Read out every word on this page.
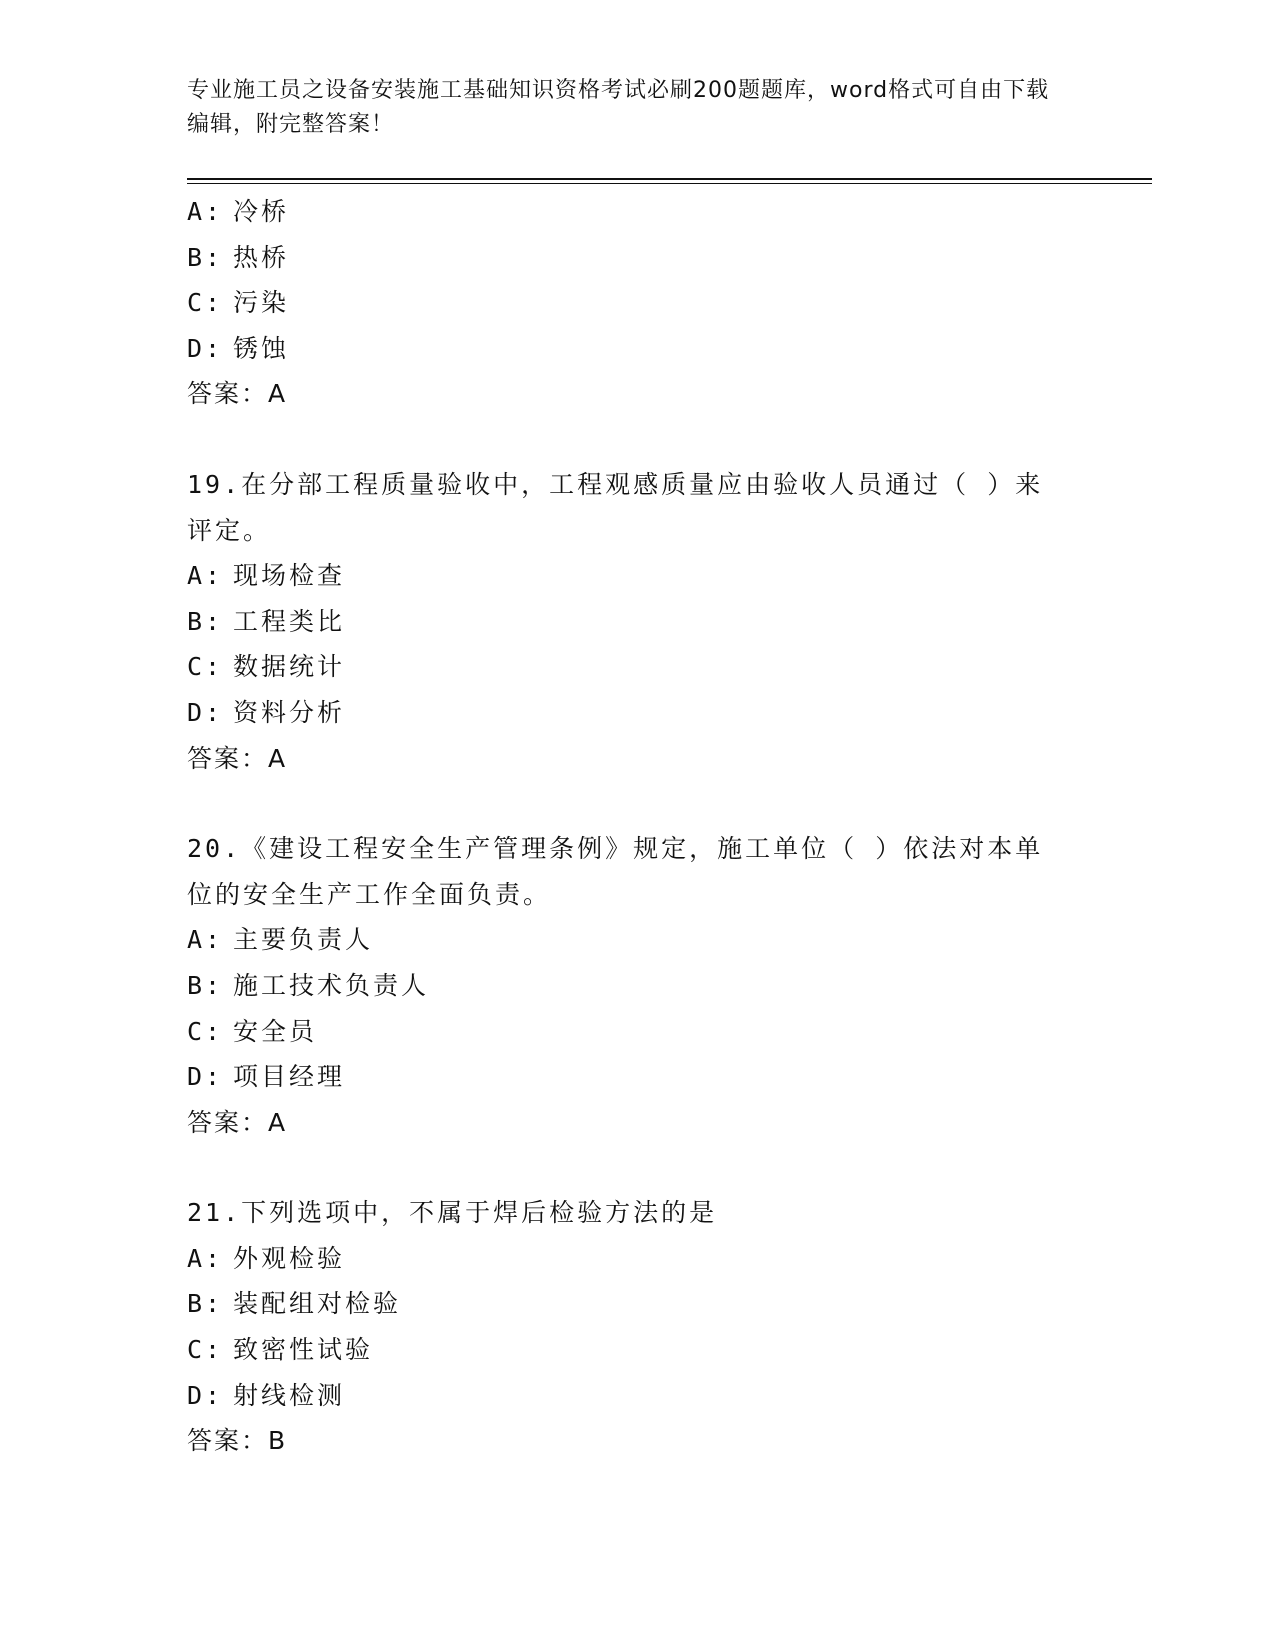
专业施工员之设备安装施工基础知识资格考试必刷200题题库，word格式可自由下载编辑，附完整答案！

A: 冷桥
B: 热桥
C: 污染
D: 锈蚀
答案：A
19.在分部工程质量验收中，工程观感质量应由验收人员通过（ ）来
评定。
A: 现场检查
B: 工程类比
C: 数据统计
D: 资料分析
答案：A
20.《建设工程安全生产管理条例》规定，施工单位（ ）依法对本单
位的安全生产工作全面负责。
A: 主要负责人
B: 施工技术负责人
C: 安全员
D: 项目经理
答案：A
21.下列选项中，不属于焊后检验方法的是
A: 外观检验
B: 装配组对检验
C: 致密性试验
D: 射线检测
答案：B
